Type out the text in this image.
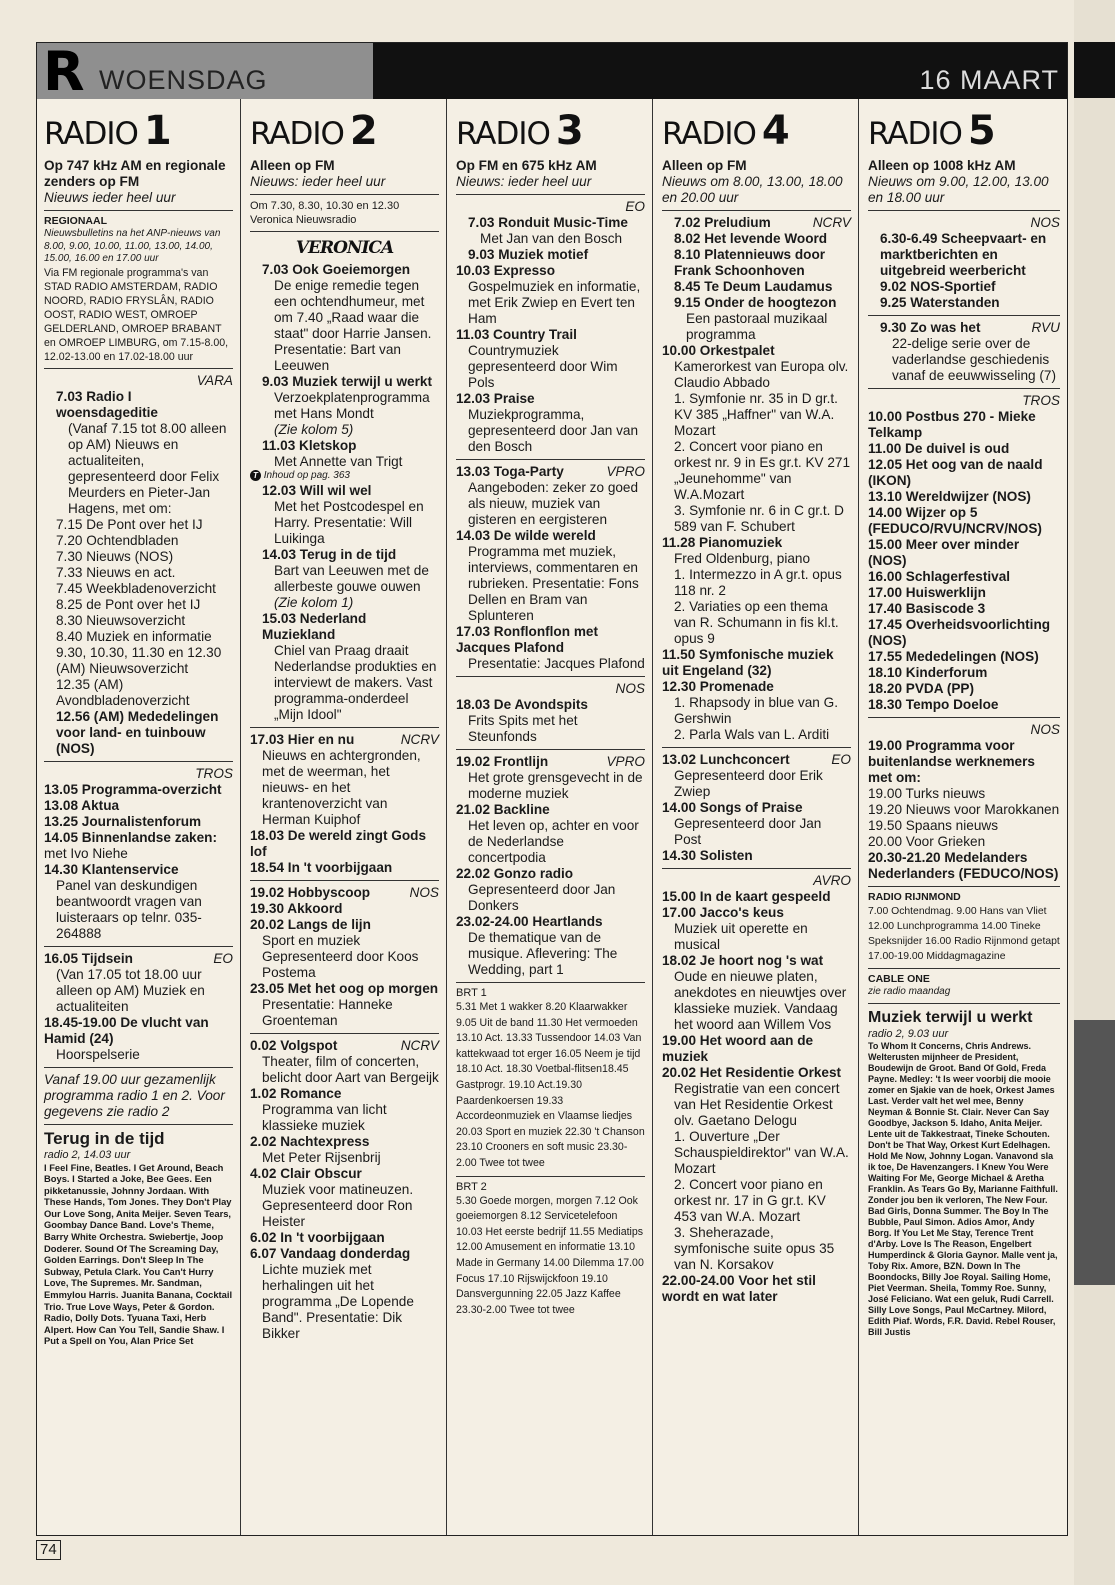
R WOENSDAG	16 MAART
RADIO 1
Op 747 kHz AM en regionale zenders op FM
Nieuws ieder heel uur
REGIONAAL
Nieuwsbulletins na het ANP-nieuws van 8.00, 9.00, 10.00, 11.00, 13.00, 14.00, 15.00, 16.00 en 17.00 uur
Via FM regionale programma's van STAD RADIO AMSTERDAM, RADIO NOORD, RADIO FRYSLÂN, RADIO OOST, RADIO WEST, OMROEP GELDERLAND, OMROEP BRABANT en OMROEP LIMBURG, om 7.15-8.00, 12.02-13.00 en 17.02-18.00 uur
VARA
7.03 Radio I woensdageditie
(Vanaf 7.15 tot 8.00 alleen op AM) Nieuws en actualiteiten, gepresenteerd door Felix Meurders en Pieter-Jan Hagens, met om:
7.15 De Pont over het IJ
7.20 Ochtendbladen
7.30 Nieuws (NOS)
7.33 Nieuws en act.
7.45 Weekbladenoverzicht
8.25 de Pont over het IJ
8.30 Nieuwsoverzicht
8.40 Muziek en informatie
9.30, 10.30, 11.30 en 12.30 (AM) Nieuwsoverzicht
12.35 (AM) Avondbladenoverzicht
12.56 (AM) Mededelingen voor land- en tuinbouw (NOS)
TROS
13.05 Programma-overzicht
13.08 Aktua
13.25 Journalistenforum
14.05 Binnenlandse zaken: met Ivo Niehe
14.30 Klantenservice
Panel van deskundigen beantwoordt vragen van luisteraars op telnr. 035-264888
16.05 Tijdsein	EO
(Van 17.05 tot 18.00 uur alleen op AM) Muziek en actualiteiten
18.45-19.00 De vlucht van Hamid (24)
Hoorspelserie
Vanaf 19.00 uur gezamenlijk programma radio 1 en 2. Voor gegevens zie radio 2
Terug in de tijd
radio 2, 14.03 uur
I Feel Fine, Beatles. I Get Around, Beach Boys. I Started a Joke, Bee Gees. Een pikketanussie, Johnny Jordaan. With These Hands, Tom Jones. They Don't Play Our Love Song, Anita Meijer. Seven Tears, Goombay Dance Band. Love's Theme, Barry White Orchestra. Swiebertje, Joop Doderer. Sound Of The Screaming Day, Golden Earrings. Don't Sleep In The Subway, Petula Clark. You Can't Hurry Love, The Supremes. Mr. Sandman, Emmylou Harris. Juanita Banana, Cocktail Trio. True Love Ways, Peter & Gordon. Radio, Dolly Dots. Tyuana Taxi, Herb Alpert. How Can You Tell, Sandie Shaw. I Put a Spell on You, Alan Price Set
RADIO 2
Alleen op FM
Nieuws: ieder heel uur
Om 7.30, 8.30, 10.30 en 12.30 Veronica Nieuwsradio
VERONICA
7.03 Ook Goeiemorgen
De enige remedie tegen een ochtendhumeur, met om 7.40 „Raad waar die staat" door Harrie Jansen. Presentatie: Bart van Leeuwen
9.03 Muziek terwijl u werkt
Verzoekplatenprogramma met Hans Mondt
(Zie kolom 5)
11.03 Kletskop
Met Annette van Trigt
T Inhoud op pag. 363
12.03 Will wil wel
Met het Postcodespel en Harry. Presentatie: Will Luikinga
14.03 Terug in de tijd
Bart van Leeuwen met de allerbeste gouwe ouwen
(Zie kolom 1)
15.03 Nederland Muziekland
Chiel van Praag draait Nederlandse produkties en interviewt de makers. Vast programma-onderdeel „Mijn Idool"
17.03 Hier en nu	NCRV
Nieuws en achtergronden, met de weerman, het nieuws- en het krantenoverzicht van Herman Kuiphof
18.03 De wereld zingt Gods lof
18.54 In 't voorbijgaan
19.02 Hobbyscoop	NOS
19.30 Akkoord
20.02 Langs de lijn
Sport en muziek Gepresenteerd door Koos Postema
23.05 Met het oog op morgen
Presentatie: Hanneke Groenteman
0.02 Volgspot	NCRV
Theater, film of concerten, belicht door Aart van Bergeijk
1.02 Romance
Programma van licht klassieke muziek
2.02 Nachtexpress
Met Peter Rijsenbrij
4.02 Clair Obscur
Muziek voor matineuzen. Gepresenteerd door Ron Heister
6.02 In 't voorbijgaan
6.07 Vandaag donderdag
Lichte muziek met herhalingen uit het programma „De Lopende Band". Presentatie: Dik Bikker
RADIO 3
Op FM en 675 kHz AM
Nieuws: ieder heel uur
EO
7.03 Ronduit Music-Time
Met Jan van den Bosch
9.03 Muziek motief
10.03 Expresso
Gospelmuziek en informatie, met Erik Zwiep en Evert ten Ham
11.03 Country Trail
Countrymuziek gepresenteerd door Wim Pols
12.03 Praise
Muziekprogramma, gepresenteerd door Jan van den Bosch
13.03 Toga-Party	VPRO
Aangeboden: zeker zo goed als nieuw, muziek van gisteren en eergisteren
14.03 De wilde wereld
Programma met muziek, interviews, commentaren en rubrieken. Presentatie: Fons Dellen en Bram van Splunteren
17.03 Ronflonflon met Jacques Plafond
Presentatie: Jacques Plafond
NOS
18.03 De Avondspits
Frits Spits met het Steunfonds
19.02 Frontlijn	VPRO
Het grote grensgevecht in de moderne muziek
21.02 Backline
Het leven op, achter en voor de Nederlandse concertpodia
22.02 Gonzo radio
Gepresenteerd door Jan Donkers
23.02-24.00 Heartlands
De thematique van de musique. Aflevering: The Wedding, part 1
BRT 1
5.31 Met 1 wakker 8.20 Klaarwakker 9.05 Uit de band 11.30 Het vermoeden 13.10 Act. 13.33 Tussendoor 14.03 Van kattekwaad tot erger 16.05 Neem je tijd 18.10 Act. 18.30 Voetbal-flitsen18.45 Gastprogr. 19.10 Act.19.30 Paardenkoersen 19.33 Accordeonmuziek en Vlaamse liedjes 20.03 Sport en muziek 22.30 't Chanson 23.10 Crooners en soft music 23.30-2.00 Twee tot twee
BRT 2
5.30 Goede morgen, morgen 7.12 Ook goeiemorgen 8.12 Servicetelefoon 10.03 Het eerste bedrijf 11.55 Mediatips 12.00 Amusement en informatie 13.10 Made in Germany 14.00 Dilemma 17.00 Focus 17.10 Rijswijckfoon 19.10 Dansvergunning 22.05 Jazz Kaffee 23.30-2.00 Twee tot twee
RADIO 4
Alleen op FM
Nieuws om 8.00, 13.00, 18.00 en 20.00 uur
7.02 Preludium	NCRV
8.02 Het levende Woord
8.10 Platennieuws door Frank Schoonhoven
8.45 Te Deum Laudamus
9.15 Onder de hoogtezon
Een pastoraal muzikaal programma
10.00 Orkestpalet
Kamerorkest van Europa olv. Claudio Abbado
1. Symfonie nr. 35 in D gr.t. KV 385 „Haffner" van W.A. Mozart
2. Concert voor piano en orkest nr. 9 in Es gr.t. KV 271 „Jeunehomme" van W.A.Mozart
3. Symfonie nr. 6 in C gr.t. D 589 van F. Schubert
11.28 Pianomuziek
Fred Oldenburg, piano
1. Intermezzo in A gr.t. opus 118 nr. 2
2. Variaties op een thema van R. Schumann in fis kl.t. opus 9
11.50 Symfonische muziek uit Engeland (32)
12.30 Promenade
1. Rhapsody in blue van G. Gershwin
2. Parla Wals van L. Arditi
13.02 Lunchconcert	EO
Gepresenteerd door Erik Zwiep
14.00 Songs of Praise
Gepresenteerd door Jan Post
14.30 Solisten
AVRO
15.00 In de kaart gespeeld
17.00 Jacco's keus
Muziek uit operette en musical
18.02 Je hoort nog 's wat
Oude en nieuwe platen, anekdotes en nieuwtjes over klassieke muziek. Vandaag het woord aan Willem Vos
19.00 Het woord aan de muziek
20.02 Het Residentie Orkest
Registratie van een concert van Het Residentie Orkest olv. Gaetano Delogu
1. Ouverture „Der Schauspieldirektor" van W.A. Mozart
2. Concert voor piano en orkest nr. 17 in G gr.t. KV 453 van W.A. Mozart
3. Sheherazade, symfonische suite opus 35 van N. Korsakov
22.00-24.00 Voor het stil wordt en wat later
RADIO 5
Alleen op 1008 kHz AM
Nieuws om 9.00, 12.00, 13.00 en 18.00 uur
NOS
6.30-6.49 Scheepvaart- en marktberichten en uitgebreid weerbericht
9.02 NOS-Sportief
9.25 Waterstanden
9.30 Zo was het	RVU
22-delige serie over de vaderlandse geschiedenis vanaf de eeuwwisseling (7)
TROS
10.00 Postbus 270 - Mieke Telkamp
11.00 De duivel is oud
12.05 Het oog van de naald (IKON)
13.10 Wereldwijzer (NOS)
14.00 Wijzer op 5 (FEDUCO/RVU/NCRV/NOS)
15.00 Meer over minder (NOS)
16.00 Schlagerfestival
17.00 Huiswerklijn
17.40 Basiscode 3
17.45 Overheidsvoorlichting (NOS)
17.55 Mededelingen (NOS)
18.10 Kinderforum
18.20 PVDA (PP)
18.30 Tempo Doeloe
NOS
19.00 Programma voor buitenlandse werknemers met om:
19.00 Turks nieuws
19.20 Nieuws voor Marokkanen
19.50 Spaans nieuws
20.00 Voor Grieken
20.30-21.20 Medelanders Nederlanders (FEDUCO/NOS)
RADIO RIJNMOND
7.00 Ochtendmag. 9.00 Hans van Vliet 12.00 Lunchprogramma 14.00 Tineke Speksnijder 16.00 Radio Rijnmond getapt 17.00-19.00 Middagmagazine
CABLE ONE
zie radio maandag
Muziek terwijl u werkt
radio 2, 9.03 uur
To Whom It Concerns, Chris Andrews. Welterusten mijnheer de President, Boudewijn de Groot. Band Of Gold, Freda Payne. Medley: 't Is weer voorbij die mooie zomer en Sjakie van de hoek, Orkest James Last. Verder valt het wel mee, Benny Neyman & Bonnie St. Clair. Never Can Say Goodbye, Jackson 5. Idaho, Anita Meijer. Lente uit de Takkestraat, Tineke Schouten. Don't be That Way, Orkest Kurt Edelhagen. Hold Me Now, Johnny Logan. Vanavond sla ik toe, De Havenzangers. I Knew You Were Waiting For Me, George Michael & Aretha Franklin. As Tears Go By, Marianne Faithfull. Zonder jou ben ik verloren, The New Four. Bad Girls, Donna Summer. The Boy In The Bubble, Paul Simon. Adios Amor, Andy Borg. If You Let Me Stay, Terence Trent d'Arby. Love Is The Reason, Engelbert Humperdinck & Gloria Gaynor. Malle vent ja, Toby Rix. Amore, BZN. Down In The Boondocks, Billy Joe Royal. Sailing Home, Piet Veerman. Sheila, Tommy Roe. Sunny, José Feliciano. Wat een geluk, Rudi Carrell. Silly Love Songs, Paul McCartney. Milord, Edith Piaf. Words, F.R. David. Rebel Rouser, Bill Justis
74
